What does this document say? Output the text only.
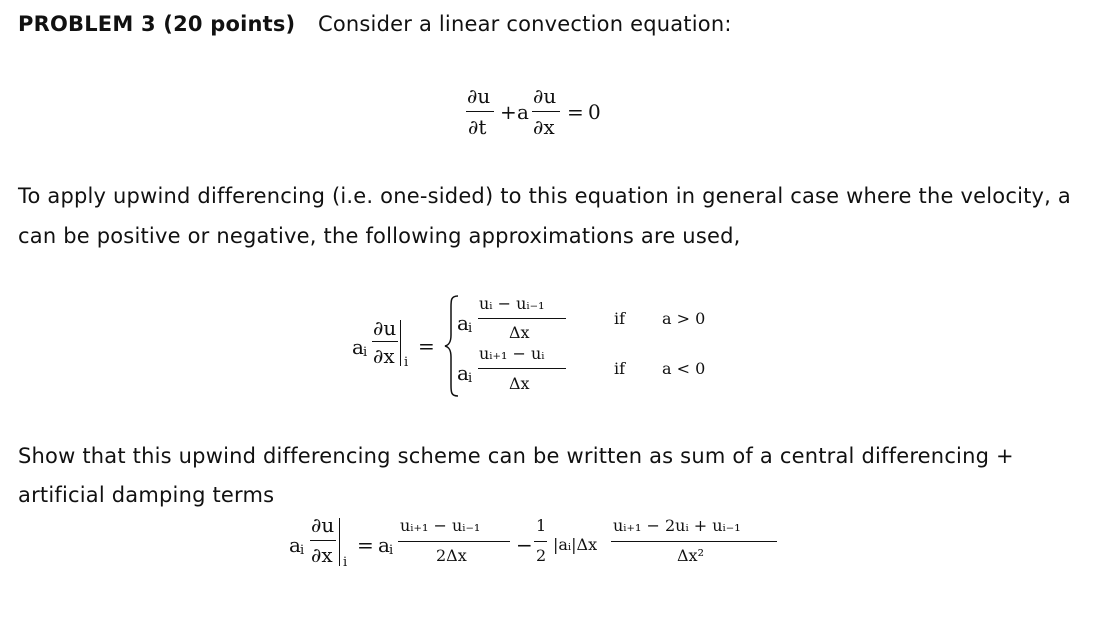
PROBLEM 3 (20 points) Consider a linear convection equation:
∂u
∂t
+ a
∂u
∂x
= 0
To apply upwind differencing (i.e. one-sided) to this equation in general case where the velocity, a
can be positive or negative, the following approximations are used,
a i
∂u
∂x i
=
a i
uᵢ − uᵢ₋₁
Δx
if a > 0
a i
uᵢ₊₁ − uᵢ
Δx
if a < 0
Show that this upwind differencing scheme can be written as sum of a central differencing +
artificial damping terms
a i
∂u
∂x i
= a i
uᵢ₊₁ − uᵢ₋₁
2Δx −
1
2
|aᵢ|Δx
uᵢ₊₁ − 2uᵢ + uᵢ₋₁
Δx²
